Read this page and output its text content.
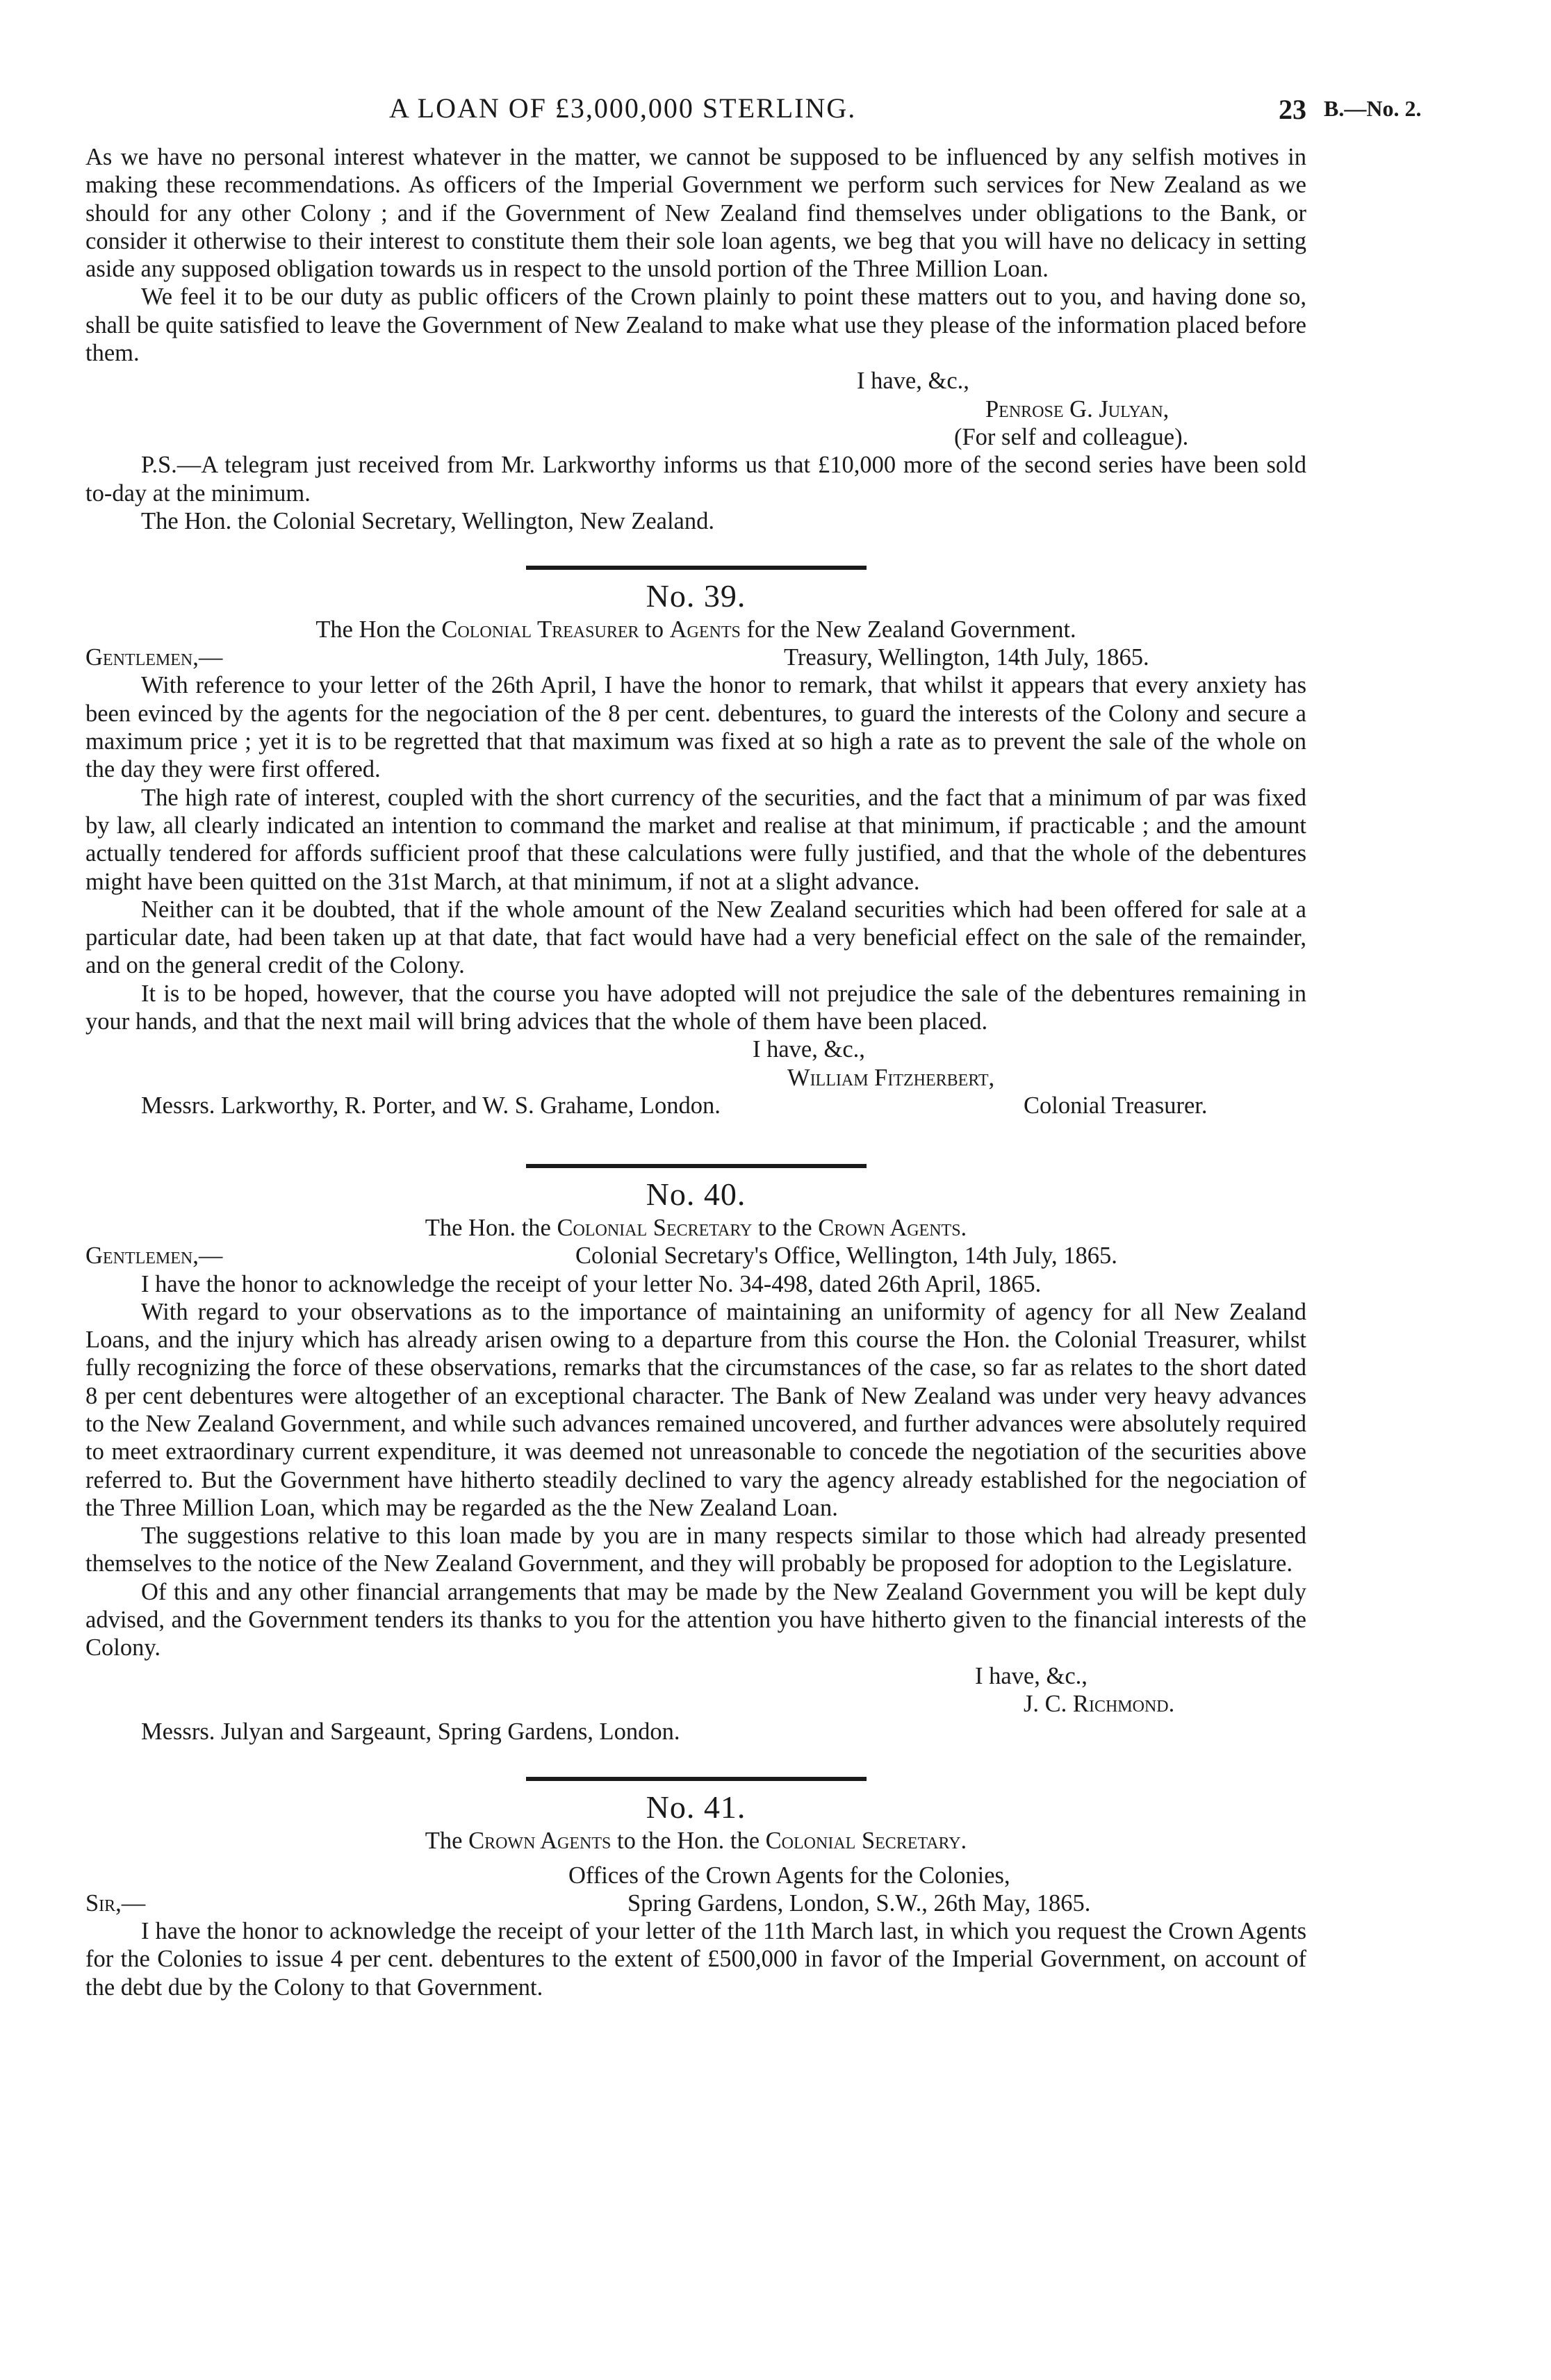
A LOAN OF £3,000,000 STERLING.	23 B.—No. 2.

As we have no personal interest whatever in the matter, we cannot be supposed to be influenced by any selfish motives in making these recommendations. As officers of the Imperial Government we perform such services for New Zealand as we should for any other Colony ; and if the Government of New Zealand find themselves under obligations to the Bank, or consider it otherwise to their interest to constitute them their sole loan agents, we beg that you will have no delicacy in setting aside any supposed obligation towards us in respect to the unsold portion of the Three Million Loan.

We feel it to be our duty as public officers of the Crown plainly to point these matters out to you, and having done so, shall be quite satisfied to leave the Government of New Zealand to make what use they please of the information placed before them.

I have, &c.,
Penrose G. Julyan,
(For self and colleague).

P.S.—A telegram just received from Mr. Larkworthy informs us that £10,000 more of the second series have been sold to-day at the minimum.

The Hon. the Colonial Secretary, Wellington, New Zealand.

No. 39.
The Hon the Colonial Treasurer to Agents for the New Zealand Government.
Gentlemen,—	Treasury, Wellington, 14th July, 1865.

With reference to your letter of the 26th April, I have the honor to remark, that whilst it appears that every anxiety has been evinced by the agents for the negociation of the 8 per cent. debentures, to guard the interests of the Colony and secure a maximum price ; yet it is to be regretted that that maximum was fixed at so high a rate as to prevent the sale of the whole on the day they were first offered.

The high rate of interest, coupled with the short currency of the securities, and the fact that a minimum of par was fixed by law, all clearly indicated an intention to command the market and realise at that minimum, if practicable ; and the amount actually tendered for affords sufficient proof that these calculations were fully justified, and that the whole of the debentures might have been quitted on the 31st March, at that minimum, if not at a slight advance.

Neither can it be doubted, that if the whole amount of the New Zealand securities which had been offered for sale at a particular date, had been taken up at that date, that fact would have had a very beneficial effect on the sale of the remainder, and on the general credit of the Colony.

It is to be hoped, however, that the course you have adopted will not prejudice the sale of the debentures remaining in your hands, and that the next mail will bring advices that the whole of them have been placed.

I have, &c.,
William Fitzherbert,
Messrs. Larkworthy, R. Porter, and W. S. Grahame, London.	Colonial Treasurer.
No. 40.
The Hon. the Colonial Secretary to the Crown Agents.
Gentlemen,—	Colonial Secretary's Office, Wellington, 14th July, 1865.

I have the honor to acknowledge the receipt of your letter No. 34-498, dated 26th April, 1865.

With regard to your observations as to the importance of maintaining an uniformity of agency for all New Zealand Loans, and the injury which has already arisen owing to a departure from this course the Hon. the Colonial Treasurer, whilst fully recognizing the force of these observations, remarks that the circumstances of the case, so far as relates to the short dated 8 per cent debentures were altogether of an exceptional character. The Bank of New Zealand was under very heavy advances to the New Zealand Government, and while such advances remained uncovered, and further advances were absolutely required to meet extraordinary current expenditure, it was deemed not unreasonable to concede the negotiation of the securities above referred to. But the Government have hitherto steadily declined to vary the agency already established for the negociation of the Three Million Loan, which may be regarded as the the New Zealand Loan.

The suggestions relative to this loan made by you are in many respects similar to those which had already presented themselves to the notice of the New Zealand Government, and they will probably be proposed for adoption to the Legislature.

Of this and any other financial arrangements that may be made by the New Zealand Government you will be kept duly advised, and the Government tenders its thanks to you for the attention you have hitherto given to the financial interests of the Colony.

I have, &c.,
J. C. Richmond.
Messrs. Julyan and Sargeaunt, Spring Gardens, London.
No. 41.
The Crown Agents to the Hon. the Colonial Secretary.
Offices of the Crown Agents for the Colonies,
Sir,—	Spring Gardens, London, S.W., 26th May, 1865.

I have the honor to acknowledge the receipt of your letter of the 11th March last, in which you request the Crown Agents for the Colonies to issue 4 per cent. debentures to the extent of £500,000 in favor of the Imperial Government, on account of the debt due by the Colony to that Government.
